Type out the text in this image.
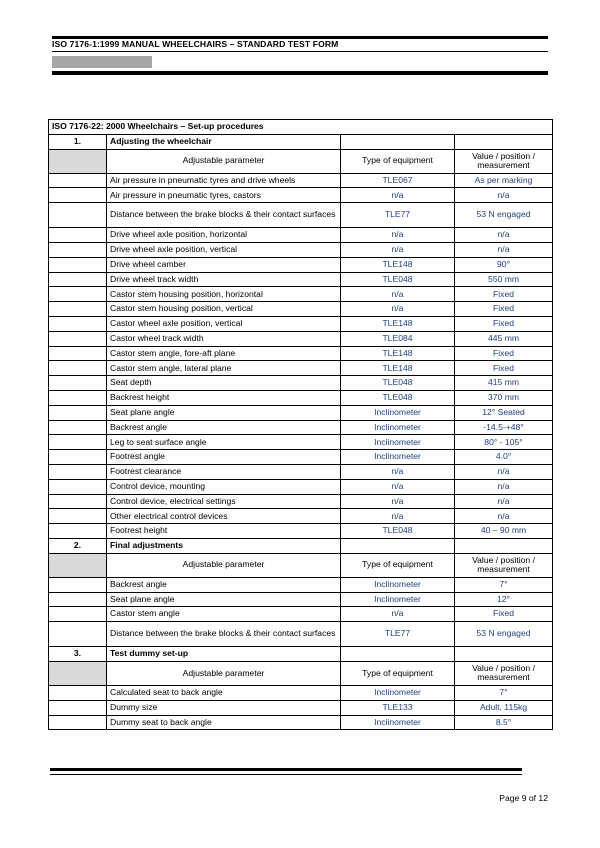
ISO 7176-1:1999 MANUAL WHEELCHAIRS – STANDARD TEST FORM
ISO 7176-22: 2000 Wheelchairs – Set-up procedures			
1.	Adjusting the wheelchair		
	Adjustable parameter	Type of equipment	Value / position / measurement
	Air pressure in pneumatic tyres and drive wheels	TLE067	As per marking
	Air pressure in pneumatic tyres, castors	n/a	n/a
	Distance between the brake blocks & their contact surfaces	TLE77	53 N engaged
	Drive wheel axle position, horizontal	n/a	n/a
	Drive wheel axle position, vertical	n/a	n/a
	Drive wheel camber	TLE148	90°
	Drive wheel track width	TLE048	550 mm
	Castor stem housing position, horizontal	n/a	Fixed
	Castor stem housing position, vertical	n/a	Fixed
	Castor wheel axle position, vertical	TLE148	Fixed
	Castor wheel track width	TLE084	445 mm
	Castor stem angle, fore-aft plane	TLE148	Fixed
	Castor stem angle, lateral plane	TLE148	Fixed
	Seat depth	TLE048	415 mm
	Backrest height	TLE048	370 mm
	Seat plane angle	Inclinometer	12° Seated
	Backrest angle	Inclinometer	-14.5-+48°
	Leg to seat surface angle	Inclinometer	80° - 105°
	Footrest angle	Inclinometer	4.0°
	Footrest clearance	n/a	n/a
	Control device, mounting	n/a	n/a
	Control device, electrical settings	n/a	n/a
	Other electrical control devices	n/a	n/a
	Footrest height	TLE048	40 – 90 mm
2.	Final adjustments		
	Adjustable parameter	Type of equipment	Value / position / measurement
	Backrest angle	Inclinometer	7°
	Seat plane angle	Inclinometer	12°
	Castor stem angle	n/a	Fixed
	Distance between the brake blocks & their contact surfaces	TLE77	53 N engaged
3.	Test dummy set-up		
	Adjustable parameter	Type of equipment	Value / position / measurement
	Calculated seat to back angle	Inclinometer	7°
	Dummy size	TLE133	Adult, 115kg
	Dummy seat to back angle	Inclinometer	8.5°
Page 9 of 12
